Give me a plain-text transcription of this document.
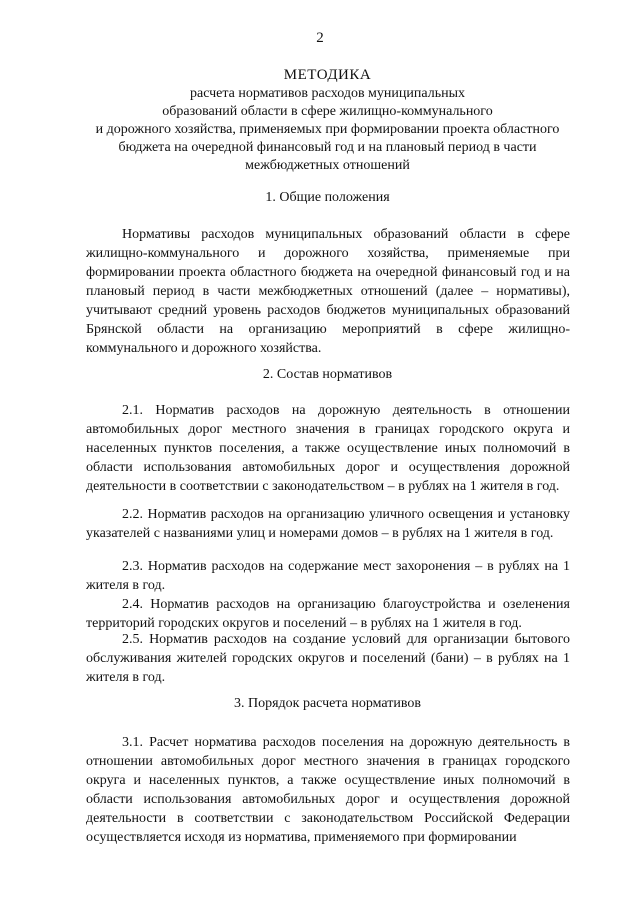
2
МЕТОДИКА
расчета нормативов расходов муниципальных
образований области в сфере жилищно-коммунального
и дорожного хозяйства, применяемых при формировании проекта областного
бюджета на очередной финансовый год и на плановый период в части
межбюджетных отношений
1. Общие положения
Нормативы расходов муниципальных образований области в сфере жилищно-коммунального и дорожного хозяйства, применяемые при формировании проекта областного бюджета на очередной финансовый год и на плановый период в части межбюджетных отношений (далее – нормативы), учитывают средний уровень расходов бюджетов муниципальных образований Брянской области на организацию мероприятий в сфере жилищно-коммунального и дорожного хозяйства.
2. Состав нормативов
2.1. Норматив расходов на дорожную деятельность в отношении автомобильных дорог местного значения в границах городского округа и населенных пунктов поселения, а также осуществление иных полномочий в области использования автомобильных дорог и осуществления дорожной деятельности в соответствии с законодательством – в рублях на 1 жителя в год.
2.2. Норматив расходов на организацию уличного освещения и установку указателей с названиями улиц и номерами домов – в рублях на 1 жителя в год.
2.3. Норматив расходов на содержание мест захоронения – в рублях на 1 жителя в год.
2.4. Норматив расходов на организацию благоустройства и озеленения территорий городских округов и поселений – в рублях на 1 жителя в год.
2.5. Норматив расходов на создание условий для организации бытового обслуживания жителей городских округов и поселений (бани) – в рублях на 1 жителя в год.
3. Порядок расчета нормативов
3.1. Расчет норматива расходов поселения на дорожную деятельность в отношении автомобильных дорог местного значения в границах городского округа и населенных пунктов, а также осуществление иных полномочий в области использования автомобильных дорог и осуществления дорожной деятельности в соответствии с законодательством Российской Федерации осуществляется исходя из норматива, применяемого при формировании
